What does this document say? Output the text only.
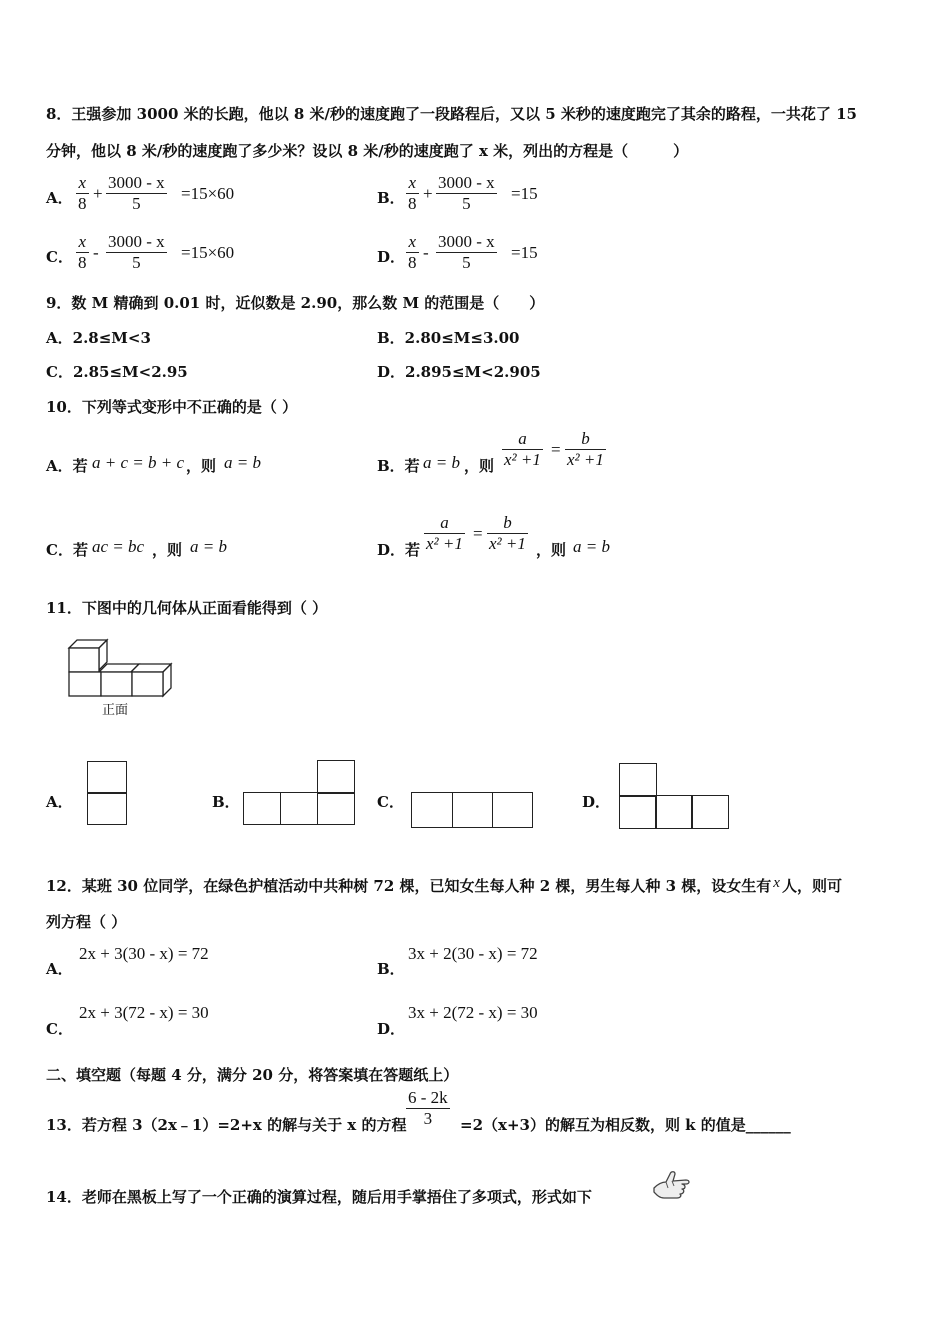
8．王强参加 3000 米的长跑，他以 8 米/秒的速度跑了一段路程后，又以 5 米秒的速度跑完了其余的路程，一共花了 15
分钟，他以 8 米/秒的速度跑了多少米？设以 8 米/秒的速度跑了 x 米，列出的方程是（　　　）
A． $\frac{x}{8} + \frac{3000 - x}{5} =15\times 60$	B． $\frac{x}{8} + \frac{3000 - x}{5} =15$
C． $\frac{x}{8} - \frac{3000 - x}{5} =15\times 60$	D． $\frac{x}{8} - \frac{3000 - x}{5} =15$
9．数 M 精确到 0.01 时，近似数是 2.90，那么数 M 的范围是（　　）
A．2.8≤M<3	B．2.80≤M≤3.00
C．2.85≤M<2.95	D．2.895≤M<2.905
10．下列等式变形中不正确的是（ ）
A．若 a + c = b + c ，则 a = b	B．若 a = b ，则 $\frac{a}{\text{x² +1}} = \frac{b}{\text{x² +1}}$
C．若 ac = bc ，则 a = b	D．若 $\frac{a}{\text{x² +1}} = \frac{b}{\text{x² +1}}$ ，则 a = b
11．下图中的几何体从正面看能得到（ ）
正面
A．	B．	C．	D．
12．某班 30 位同学，在绿色护植活动中共种树 72 棵，已知女生每人种 2 棵，男生每人种 3 棵，设女生有 x 人，则可
列方程（ ）
A．
2x + 3(30 - x) = 72
B．
3x + 2(30 - x) = 72
C．
2x + 3(72 - x) = 30
D．
3x + 2(72 - x) = 30
二、填空题（每题 4 分，满分 20 分，将答案填在答题纸上）
13．若方程 3（2x﹣1）=2+x 的解与关于 x 的方程 $\frac{6 - 2k}{3} =2(x+3)$的解互为相反数，则 k 的值是______
14．老师在黑板上写了一个正确的演算过程，随后用手掌捂住了多项式，形式如下
